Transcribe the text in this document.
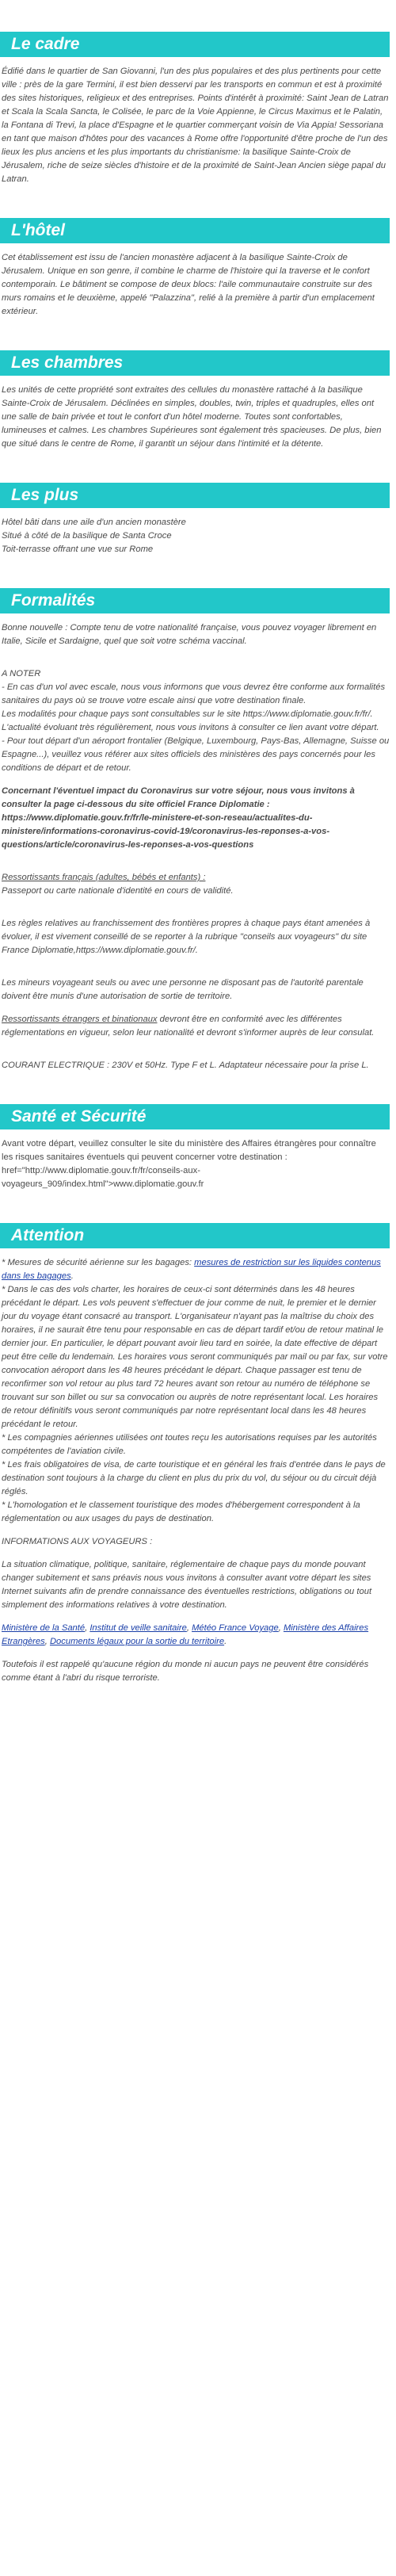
Le cadre

Édifié dans le quartier de San Giovanni, l'un des plus populaires et des plus pertinents pour cette ville : près de la gare Termini, il est bien desservi par les transports en commun et est à proximité des sites historiques, religieux et des entreprises. Points d'intérêt à proximité: Saint Jean de Latran et Scala la Scala Sancta, le Colisée, le parc de la Voie Appienne, le Circus Maximus et le Palatin, la Fontana di Trevi, la place d'Espagne et le quartier commerçant voisin de Via Appia! Sessoriana en tant que maison d'hôtes pour des vacances à Rome offre l'opportunité d'être proche de l'un des lieux les plus anciens et les plus importants du christianisme: la basilique Sainte-Croix de Jérusalem, riche de seize siècles d'histoire et de la proximité de Saint-Jean Ancien siège papal du Latran.

L'hôtel

Cet établissement est issu de l'ancien monastère adjacent à la basilique Sainte-Croix de Jérusalem. Unique en son genre, il combine le charme de l'histoire qui la traverse et le confort contemporain. Le bâtiment se compose de deux blocs: l'aile communautaire construite sur des murs romains et le deuxième, appelé "Palazzina", relié à la première à partir d'un emplacement extérieur.

Les chambres

Les unités de cette propriété sont extraites des cellules du monastère rattaché à la basilique Sainte-Croix de Jérusalem. Déclinées en simples, doubles, twin, triples et quadruples, elles ont une salle de bain privée et tout le confort d'un hôtel moderne. Toutes sont confortables, lumineuses et calmes. Les chambres Supérieures sont également très spacieuses. De plus, bien que situé dans le centre de Rome, il garantit un séjour dans l'intimité et la détente.

Les plus
Hôtel bâti dans une aile d'un ancien monastère
Situé à côté de la basilique de Santa Croce
Toit-terrasse offrant une vue sur Rome
Formalités

Bonne nouvelle : Compte tenu de votre nationalité française, vous pouvez voyager librement en Italie, Sicile et Sardaigne, quel que soit votre schéma vaccinal.

A NOTER
- En cas d'un vol avec escale, nous vous informons que vous devrez être conforme aux formalités sanitaires du pays où se trouve votre escale ainsi que votre destination finale.
Les modalités pour chaque pays sont consultables sur le site https://www.diplomatie.gouv.fr/fr/. L'actualité évoluant très régulièrement, nous vous invitons à consulter ce lien avant votre départ.
- Pour tout départ d'un aéroport frontalier (Belgique, Luxembourg, Pays-Bas, Allemagne, Suisse ou Espagne...), veuillez vous référer aux sites officiels des ministères des pays concernés pour les conditions de départ et de retour.

Concernant l'éventuel impact du Coronavirus sur votre séjour, nous vous invitons à consulter la page ci-dessous du site officiel France Diplomatie : https://www.diplomatie.gouv.fr/fr/le-ministere-et-son-reseau/actualites-du-ministere/informations-coronavirus-covid-19/coronavirus-les-reponses-a-vos-questions/article/coronavirus-les-reponses-a-vos-questions

Ressortissants français (adultes, bébés et enfants) :

Passeport ou carte nationale d'identité en cours de validité.

Les règles relatives au franchissement des frontières propres à chaque pays étant amenées à évoluer, il est vivement conseillé de se reporter à la rubrique "conseils aux voyageurs" du site France Diplomatie,https://www.diplomatie.gouv.fr/.

Les mineurs voyageant seuls ou avec une personne ne disposant pas de l'autorité parentale doivent être munis d'une autorisation de sortie de territoire.

Ressortissants étrangers et binationaux devront être en conformité avec les différentes réglementations en vigueur, selon leur nationalité et devront s'informer auprès de leur consulat.

COURANT ELECTRIQUE : 230V et 50Hz. Type F et L. Adaptateur nécessaire pour la prise L.

Santé et Sécurité

Avant votre départ, veuillez consulter le site du ministère des Affaires étrangères pour connaître les risques sanitaires éventuels qui peuvent concerner votre destination : href="http://www.diplomatie.gouv.fr/fr/conseils-aux-voyageurs_909/index.html">www.diplomatie.gouv.fr

Attention
* Mesures de sécurité aérienne sur les bagages: mesures de restriction sur les liquides contenus dans les bagages.
* Dans le cas des vols charter, les horaires de ceux-ci sont déterminés dans les 48 heures précédant le départ. Les vols peuvent s'effectuer de jour comme de nuit, le premier et le dernier jour du voyage étant consacré au transport. L'organisateur n'ayant pas la maîtrise du choix des horaires, il ne saurait être tenu pour responsable en cas de départ tardif et/ou de retour matinal le dernier jour. En particulier, le départ pouvant avoir lieu tard en soirée, la date effective de départ peut être celle du lendemain. Les horaires vous seront communiqués par mail ou par fax, sur votre convocation aéroport dans les 48 heures précédant le départ. Chaque passager est tenu de reconfirmer son vol retour au plus tard 72 heures avant son retour au numéro de téléphone se trouvant sur son billet ou sur sa convocation ou auprès de notre représentant local. Les horaires de retour définitifs vous seront communiqués par notre représentant local dans les 48 heures précédant le retour.
* Les compagnies aériennes utilisées ont toutes reçu les autorisations requises par les autorités compétentes de l'aviation civile.
* Les frais obligatoires de visa, de carte touristique et en général les frais d'entrée dans le pays de destination sont toujours à la charge du client en plus du prix du vol, du séjour ou du circuit déjà réglés.
* L'homologation et le classement touristique des modes d'hébergement correspondent à la réglementation ou aux usages du pays de destination.
INFORMATIONS AUX VOYAGEURS :

La situation climatique, politique, sanitaire, réglementaire de chaque pays du monde pouvant changer subitement et sans préavis nous vous invitons à consulter avant votre départ les sites Internet suivants afin de prendre connaissance des éventuelles restrictions, obligations ou tout simplement des informations relatives à votre destination.

Ministère de la Santé, Institut de veille sanitaire, Météo France Voyage, Ministère des Affaires Etrangères, Documents légaux pour la sortie du territoire.

Toutefois il est rappelé qu'aucune région du monde ni aucun pays ne peuvent être considérés comme étant à l'abri du risque terroriste.
